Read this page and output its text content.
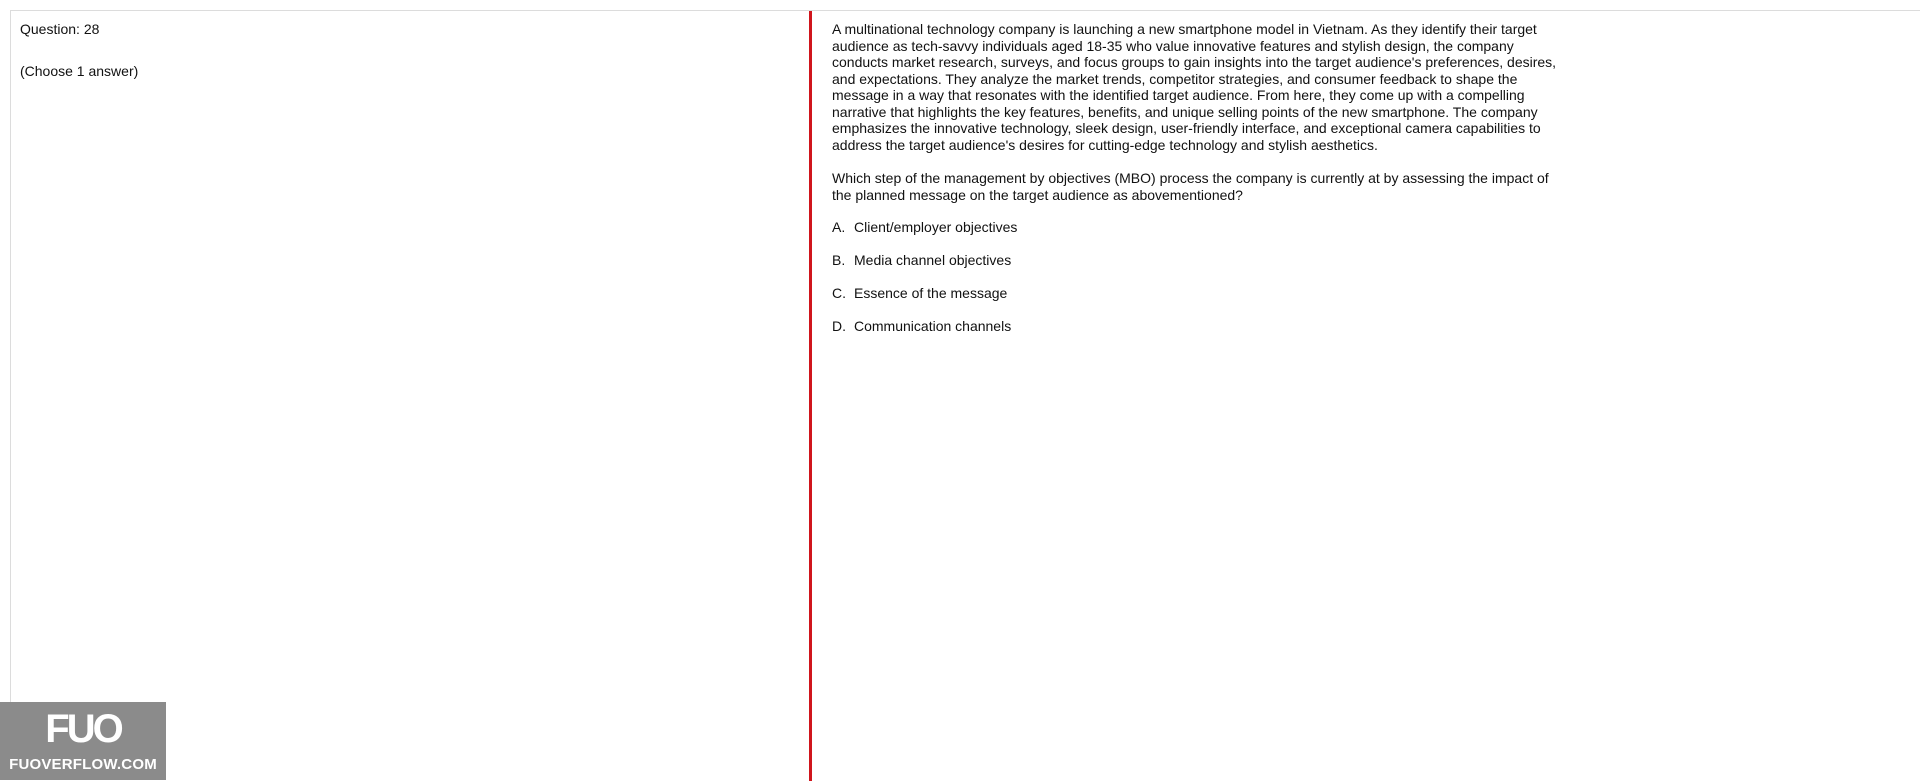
Question: 28
(Choose 1 answer)

A multinational technology company is launching a new smartphone model in Vietnam. As they identify their target audience as tech-savvy individuals aged 18-35 who value innovative features and stylish design, the company conducts market research, surveys, and focus groups to gain insights into the target audience's preferences, desires, and expectations. They analyze the market trends, competitor strategies, and consumer feedback to shape the message in a way that resonates with the identified target audience. From here, they come up with a compelling narrative that highlights the key features, benefits, and unique selling points of the new smartphone. The company emphasizes the innovative technology, sleek design, user-friendly interface, and exceptional camera capabilities to address the target audience's desires for cutting-edge technology and stylish aesthetics.

Which step of the management by objectives (MBO) process the company is currently at by assessing the impact of the planned message on the target audience as abovementioned?

A. Client/employer objectives
B. Media channel objectives
C. Essence of the message
D. Communication channels
FUO
FUOVERFLOW.COM
